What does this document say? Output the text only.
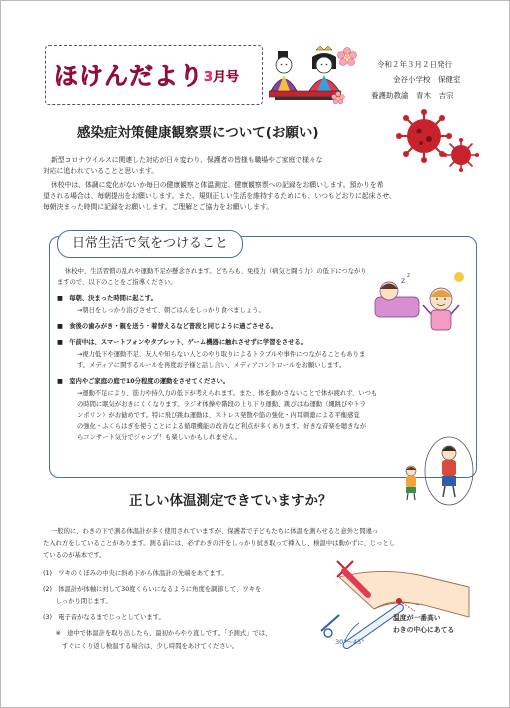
ほけんだより 3月号
令和２年３月２日発行
金谷小学校　保健室
養護助教諭　青木　吉宗
感染症対策健康観察票について(お願い)
新型コロナウイルスに関連した対応が日々変わり、保護者の皆様も職場やご家庭で様々な
対応に追われていることと思います。
休校中は、体調に変化がないか毎日の健康観察と体温測定、健康観察票への記録をお願いします。預かりを希
望される場合は、毎朝提出をお願いします。また、規則正しい生活を維持するためにも、いつもどおりに起床させ、
毎朝決まった時間に記録をお願いします。ご理解とご協力をお願いします。
日常生活で気をつけること
休校中、生活習慣の乱れや運動不足が懸念されます。どちらも、免疫力（病気と闘う力）の低下につながり
ますので、以下のことをご指導ください。
■　毎朝、決まった時間に起こす。
→朝日をしっかり浴びさせて、朝ごはんをしっかり食べましょう。
■　食後の歯みがき・親を送う・着替えるなど普段と同じように過ごさせる。
■　午前中は、スマートフォンやタブレット、ゲーム機器に触れさせずに学習をさせる。
→視力低下や運動不足、友人や知らない人とのやり取りによるトラブルや事件につながることもありま
す。メディアに関するルールを再度お子様と話し合い、メディアコントロールをお願いします。
■　室内やご家庭の庭で10分程度の運動をさせてください。
→運動不足により、筋力や持久力の低下が考えられます。また、体を動かさないことで体が疲れず、いつも
の時間に眠気がおきにくくなります。ラジオ体操や階段の上り下り運動、跳びはね運動（縄跳びやトラ
ンポリン）がお勧めです。特に飛び跳ね運動は、ストレス発散や筋の強化・内耳刺激による平衡感覚
の強化・ふくらはぎを使うことによる循環機能の改善など利点が多くあります。好きな音楽を聴きなが
らコンサート気分でジャンプ！も楽しいかもしれません。
z
z
正しい体温測定できていますか？
一般的に、わきの下で測る体温計が多く使用されていますが、保護者で子どもたちに体温を測らせると意外と間違っ
た入れ方をしていることがあります。測る前には、必ずわきの汗をしっかり拭き取って挿入し、検温中は動かずに、じっとし
ているのが基本です。
(1)　ワキのくぼみの中央に斜め下から体温計の先端をあてます。
(2)　体温計が体軸に対して30度くらいになるように角度を調節して、ワキを
　　しっかり閉じます。
(3)　電子音がなるまでじっとしています。
　　※　途中で体温計を取り出したら、最初からやり直しです。「予測式」では、
　　　すぐにくり返し検温する場合は、少し時間をあけてください。
温度が一番高い
わきの中心にあてる
30°〜45°
